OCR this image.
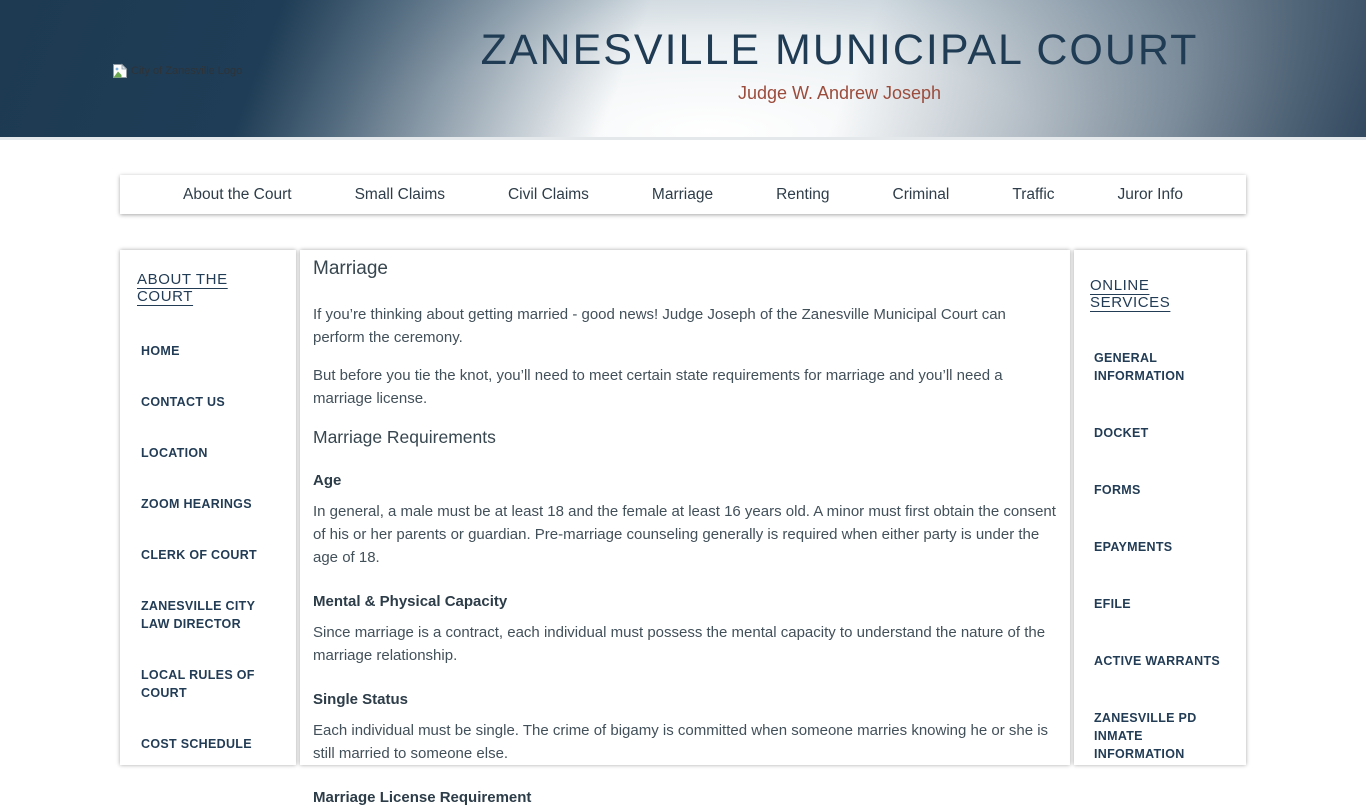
City of Zanesville Logo	ZANESVILLE MUNICIPAL COURT
Judge W. Andrew Joseph
About the Court	Small Claims	Civil Claims	Marriage	Renting	Criminal	Traffic	Juror Info
ABOUT THE COURT
HOME
CONTACT US
LOCATION
ZOOM HEARINGS
CLERK OF COURT
ZANESVILLE CITY LAW DIRECTOR
LOCAL RULES OF COURT
COST SCHEDULE
Marriage

If you’re thinking about getting married - good news! Judge Joseph of the Zanesville Municipal Court can perform the ceremony.

But before you tie the knot, you’ll need to meet certain state requirements for marriage and you’ll need a marriage license.

Marriage Requirements
Age

In general, a male must be at least 18 and the female at least 16 years old. A minor must first obtain the consent of his or her parents or guardian. Pre-marriage counseling generally is required when either party is under the age of 18.

Mental & Physical Capacity

Since marriage is a contract, each individual must possess the mental capacity to understand the nature of the marriage relationship.

Single Status

Each individual must be single. The crime of bigamy is committed when someone marries knowing he or she is still married to someone else.

Marriage License Requirement
ONLINE SERVICES
GENERAL INFORMATION
DOCKET
FORMS
EPAYMENTS
EFILE
ACTIVE WARRANTS
ZANESVILLE PD INMATE INFORMATION
